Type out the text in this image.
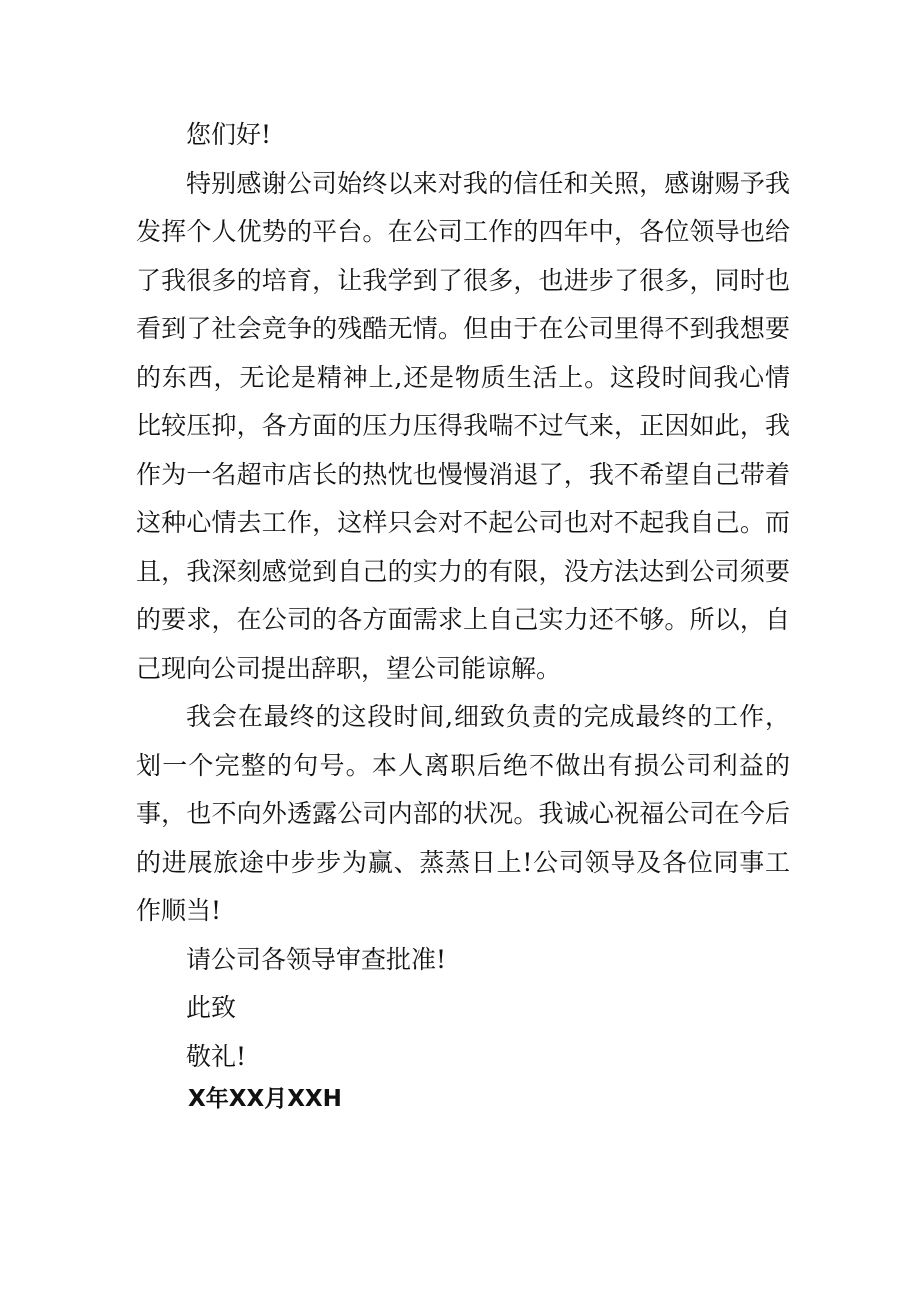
您们好!

特别感谢公司始终以来对我的信任和关照，感谢赐予我发挥个人优势的平台。在公司工作的四年中，各位领导也给了我很多的培育，让我学到了很多，也进步了很多，同时也看到了社会竞争的残酷无情。但由于在公司里得不到我想要的东西，无论是精神上,还是物质生活上。这段时间我心情比较压抑，各方面的压力压得我喘不过气来，正因如此，我作为一名超市店长的热忱也慢慢消退了，我不希望自己带着这种心情去工作，这样只会对不起公司也对不起我自己。而且，我深刻感觉到自己的实力的有限，没方法达到公司须要的要求，在公司的各方面需求上自己实力还不够。所以，自己现向公司提出辞职，望公司能谅解。

我会在最终的这段时间,细致负责的完成最终的工作，划一个完整的句号。本人离职后绝不做出有损公司利益的事，也不向外透露公司内部的状况。我诚心祝福公司在今后的进展旅途中步步为赢、蒸蒸日上!公司领导及各位同事工作顺当!

请公司各领导审查批准!

此致

敬礼!

X年XX月XXH
